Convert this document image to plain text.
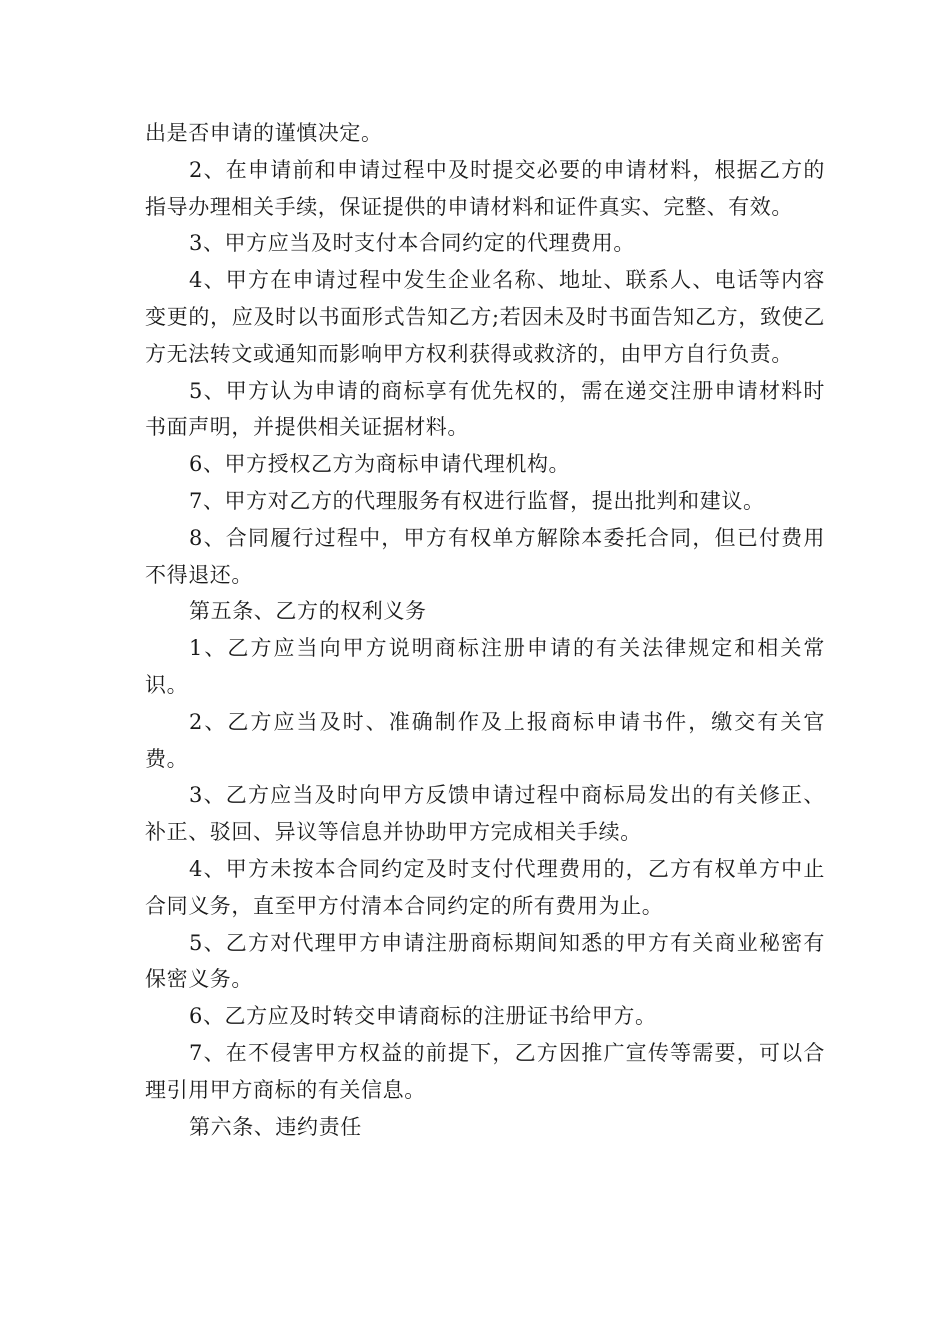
出是否申请的谨慎决定。

2、在申请前和申请过程中及时提交必要的申请材料，根据乙方的指导办理相关手续，保证提供的申请材料和证件真实、完整、有效。

3、甲方应当及时支付本合同约定的代理费用。

4、甲方在申请过程中发生企业名称、地址、联系人、电话等内容变更的，应及时以书面形式告知乙方;若因未及时书面告知乙方，致使乙方无法转文或通知而影响甲方权利获得或救济的，由甲方自行负责。

5、甲方认为申请的商标享有优先权的，需在递交注册申请材料时书面声明，并提供相关证据材料。

6、甲方授权乙方为商标申请代理机构。

7、甲方对乙方的代理服务有权进行监督，提出批判和建议。

8、合同履行过程中，甲方有权单方解除本委托合同，但已付费用不得退还。

第五条、乙方的权利义务

1、乙方应当向甲方说明商标注册申请的有关法律规定和相关常识。

2、乙方应当及时、准确制作及上报商标申请书件，缴交有关官费。

3、乙方应当及时向甲方反馈申请过程中商标局发出的有关修正、补正、驳回、异议等信息并协助甲方完成相关手续。

4、甲方未按本合同约定及时支付代理费用的，乙方有权单方中止合同义务，直至甲方付清本合同约定的所有费用为止。

5、乙方对代理甲方申请注册商标期间知悉的甲方有关商业秘密有保密义务。

6、乙方应及时转交申请商标的注册证书给甲方。

7、在不侵害甲方权益的前提下，乙方因推广宣传等需要，可以合理引用甲方商标的有关信息。

第六条、违约责任
